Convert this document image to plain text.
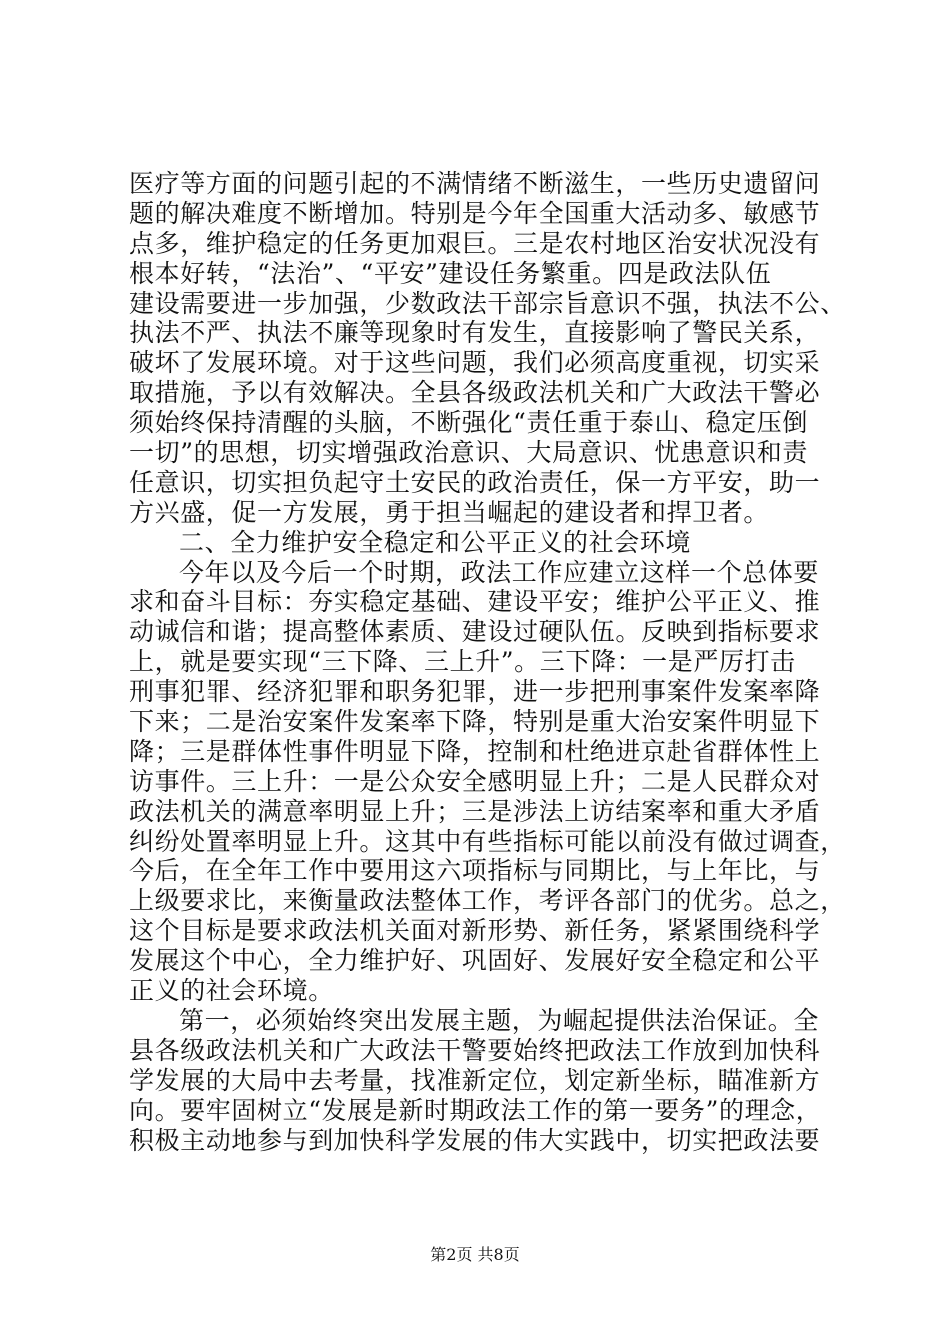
医疗等方面的问题引起的不满情绪不断滋生，一些历史遗留问
题的解决难度不断增加。特别是今年全国重大活动多、敏感节
点多，维护稳定的任务更加艰巨。三是农村地区治安状况没有
根本好转，“法治”、“平安”建设任务繁重。四是政法队伍
建设需要进一步加强，少数政法干部宗旨意识不强，执法不公、
执法不严、执法不廉等现象时有发生，直接影响了警民关系，
破坏了发展环境。对于这些问题，我们必须高度重视，切实采
取措施，予以有效解决。全县各级政法机关和广大政法干警必
须始终保持清醒的头脑，不断强化“责任重于泰山、稳定压倒
一切”的思想，切实增强政治意识、大局意识、忧患意识和责
任意识，切实担负起守土安民的政治责任，保一方平安，助一
方兴盛，促一方发展，勇于担当崛起的建设者和捍卫者。
二、全力维护安全稳定和公平正义的社会环境
今年以及今后一个时期，政法工作应建立这样一个总体要
求和奋斗目标：夯实稳定基础、建设平安；维护公平正义、推
动诚信和谐；提高整体素质、建设过硬队伍。反映到指标要求
上，就是要实现“三下降、三上升”。三下降：一是严厉打击
刑事犯罪、经济犯罪和职务犯罪，进一步把刑事案件发案率降
下来；二是治安案件发案率下降，特别是重大治安案件明显下
降；三是群体性事件明显下降，控制和杜绝进京赴省群体性上
访事件。三上升：一是公众安全感明显上升；二是人民群众对
政法机关的满意率明显上升；三是涉法上访结案率和重大矛盾
纠纷处置率明显上升。这其中有些指标可能以前没有做过调查，
今后，在全年工作中要用这六项指标与同期比，与上年比，与
上级要求比，来衡量政法整体工作，考评各部门的优劣。总之，
这个目标是要求政法机关面对新形势、新任务，紧紧围绕科学
发展这个中心，全力维护好、巩固好、发展好安全稳定和公平
正义的社会环境。
第一，必须始终突出发展主题，为崛起提供法治保证。全
县各级政法机关和广大政法干警要始终把政法工作放到加快科
学发展的大局中去考量，找准新定位，划定新坐标，瞄准新方
向。要牢固树立“发展是新时期政法工作的第一要务”的理念，
积极主动地参与到加快科学发展的伟大实践中，切实把政法要
第2页 共8页
